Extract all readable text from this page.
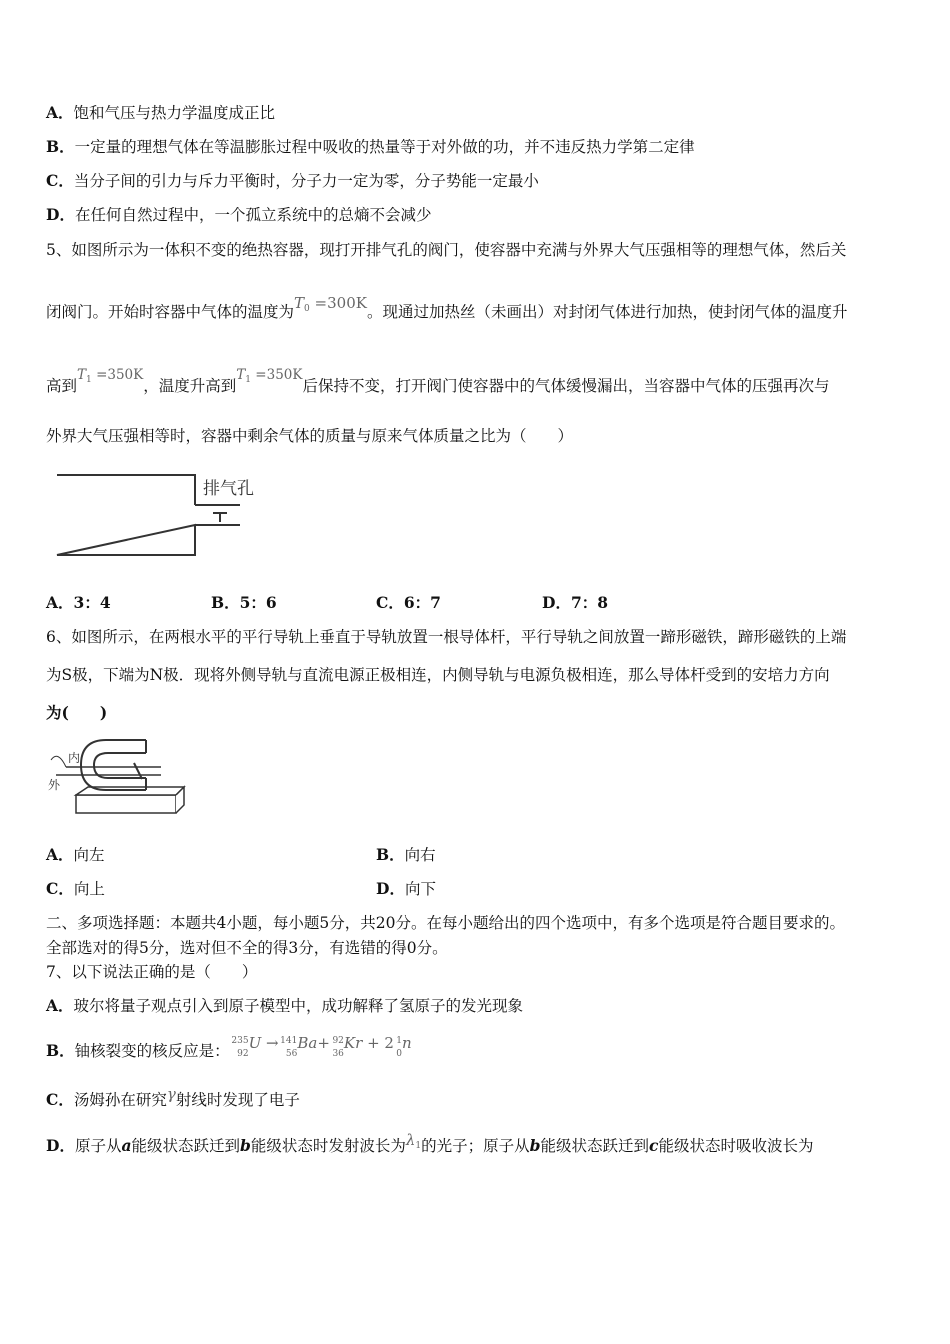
A．饱和气压与热力学温度成正比
B．一定量的理想气体在等温膨胀过程中吸收的热量等于对外做的功，并不违反热力学第二定律
C．当分子间的引力与斥力平衡时，分子力一定为零，分子势能一定最小
D．在任何自然过程中，一个孤立系统中的总熵不会减少
5、如图所示为一体积不变的绝热容器，现打开排气孔的阀门，使容器中充满与外界大气压强相等的理想气体，然后关
闭阀门。开始时容器中气体的温度为$T_0 =300K$。现通过加热丝（未画出）对封闭气体进行加热，使封闭气体的温度升
高到$T_1 =350K$，温度升高到$T_1 =350K$后保持不变，打开阀门使容器中的气体缓慢漏出，当容器中气体的压强再次与
外界大气压强相等时，容器中剩余气体的质量与原来气体质量之比为（　　）
排气孔
A．3：4	B．5：6	C．6：7	D．7：8
6、如图所示，在两根水平的平行导轨上垂直于导轨放置一根导体杆，平行导轨之间放置一蹄形磁铁，蹄形磁铁的上端
为S极，下端为N极．现将外侧导轨与直流电源正极相连，内侧导轨与电源负极相连，那么导体杆受到的安培力方向
为(　　)
内
外
A．向左	B．向右
C．向上	D．向下
二、多项选择题：本题共4小题，每小题5分，共20分。在每小题给出的四个选项中，有多个选项是符合题目要求的。
全部选对的得5分，选对但不全的得3分，有选错的得0分。
7、以下说法正确的是（　　）
A．玻尔将量子观点引入到原子模型中，成功解释了氢原子的发光现象
B．铀核裂变的核反应是：
235
92
U → 141
56
Ba+ 92
36
Kr + 2 1
0
n
C．汤姆孙在研究γ射线时发现了电子
D．原子从a能级状态跃迁到b能级状态时发射波长为$\lambda_1$的光子；原子从b能级状态跃迁到c能级状态时吸收波长为
